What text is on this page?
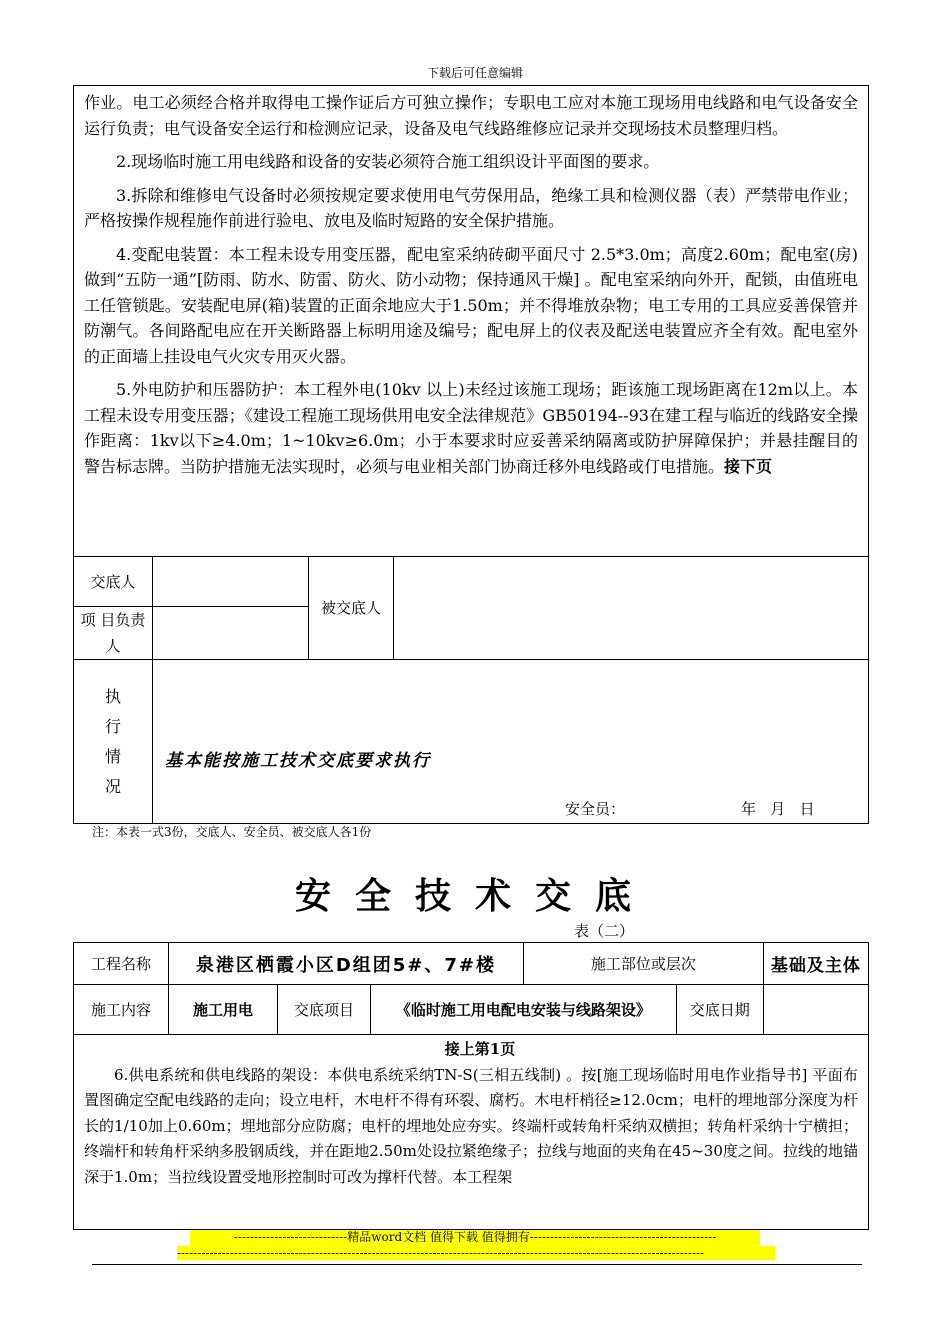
下载后可任意编辑

作业。电工必须经合格并取得电工操作证后方可独立操作；专职电工应对本施工现场用电线路和电气设备安全运行负责；电气设备安全运行和检测应记录，设备及电气线路维修应记录并交现场技术员整理归档。

2.现场临时施工用电线路和设备的安装必须符合施工组织设计平面图的要求。

3.拆除和维修电气设备时必须按规定要求使用电气劳保用品，绝缘工具和检测仪器（表）严禁带电作业；严格按操作规程施作前进行验电、放电及临时短路的安全保护措施。

4.变配电装置：本工程未设专用变压器，配电室采纳砖砌平面尺寸 2.5*3.0m；高度2.60m；配电室(房) 做到“五防一通”[防雨、防水、防雷、防火、防小动物；保持通风干燥] 。配电室采纳向外开，配锁，由值班电工任管锁匙。安装配电屏(箱)装置的正面余地应大于1.50m；并不得堆放杂物；电工专用的工具应妥善保管并防潮气。各间路配电应在开关断路器上标明用途及编号；配电屏上的仪表及配送电装置应齐全有效。配电室外的正面墙上挂设电气火灾专用灭火器。

5.外电防护和压器防护：本工程外电(10kv 以上)未经过该施工现场；距该施工现场距离在12m以上。本工程未设专用变压器；《建设工程施工现场供用电安全法律规范》GB50194--93在建工程与临近的线路安全操作距离：1kv以下≥4.0m；1~10kv≥6.0m；小于本要求时应妥善采纳隔离或防护屏障保护；并悬挂醒目的警告标志牌。当防护措施无法实现时，必须与电业相关部门协商迁移外电线路或仃电措施。接下页			

交底人		被交底人	
项 目负责人			

执行情况	基本能按施工技术交底要求执行
安全员： 年   月   日		
注：本表一式3份，交底人、安全员、被交底人各1份
安全技术交底
表（二）
工程名称	泉港区栖霞小区D组团5#、7#楼			施工部位或层次		基础及主体
施工内容	施工用电	交底项目	《临时施工用电配电安装与线路架设》		交底日期	

接上第1页

6.供电系统和供电线路的架设：本供电系统采纳TN-S(三相五线制) 。按[施工现场临时用电作业指导书] 平面布置图确定空配电线路的走向；设立电杆，木电杆不得有环裂、腐朽。木电杆梢径≥12.0cm；电杆的埋地部分深度为杆长的1/10加上0.60m；埋地部分应防腐；电杆的埋地处应夯实。终端杆或转角杆采纳双横担；转角杆采纳十宁横担；终端杆和转角杆采纳多股钢质线，并在距地2.50m处设拉紧绝缘子；拉线与地面的夹角在45~30度之间。拉线的地锚深于1.0m；当拉线设置受地形控制时可改为撑杆代替。本工程架						

----------------------------精品word文档 值得下载 值得拥有----------------------------------------------
----------------------------------------------------------------------------------------------------------------------------------
